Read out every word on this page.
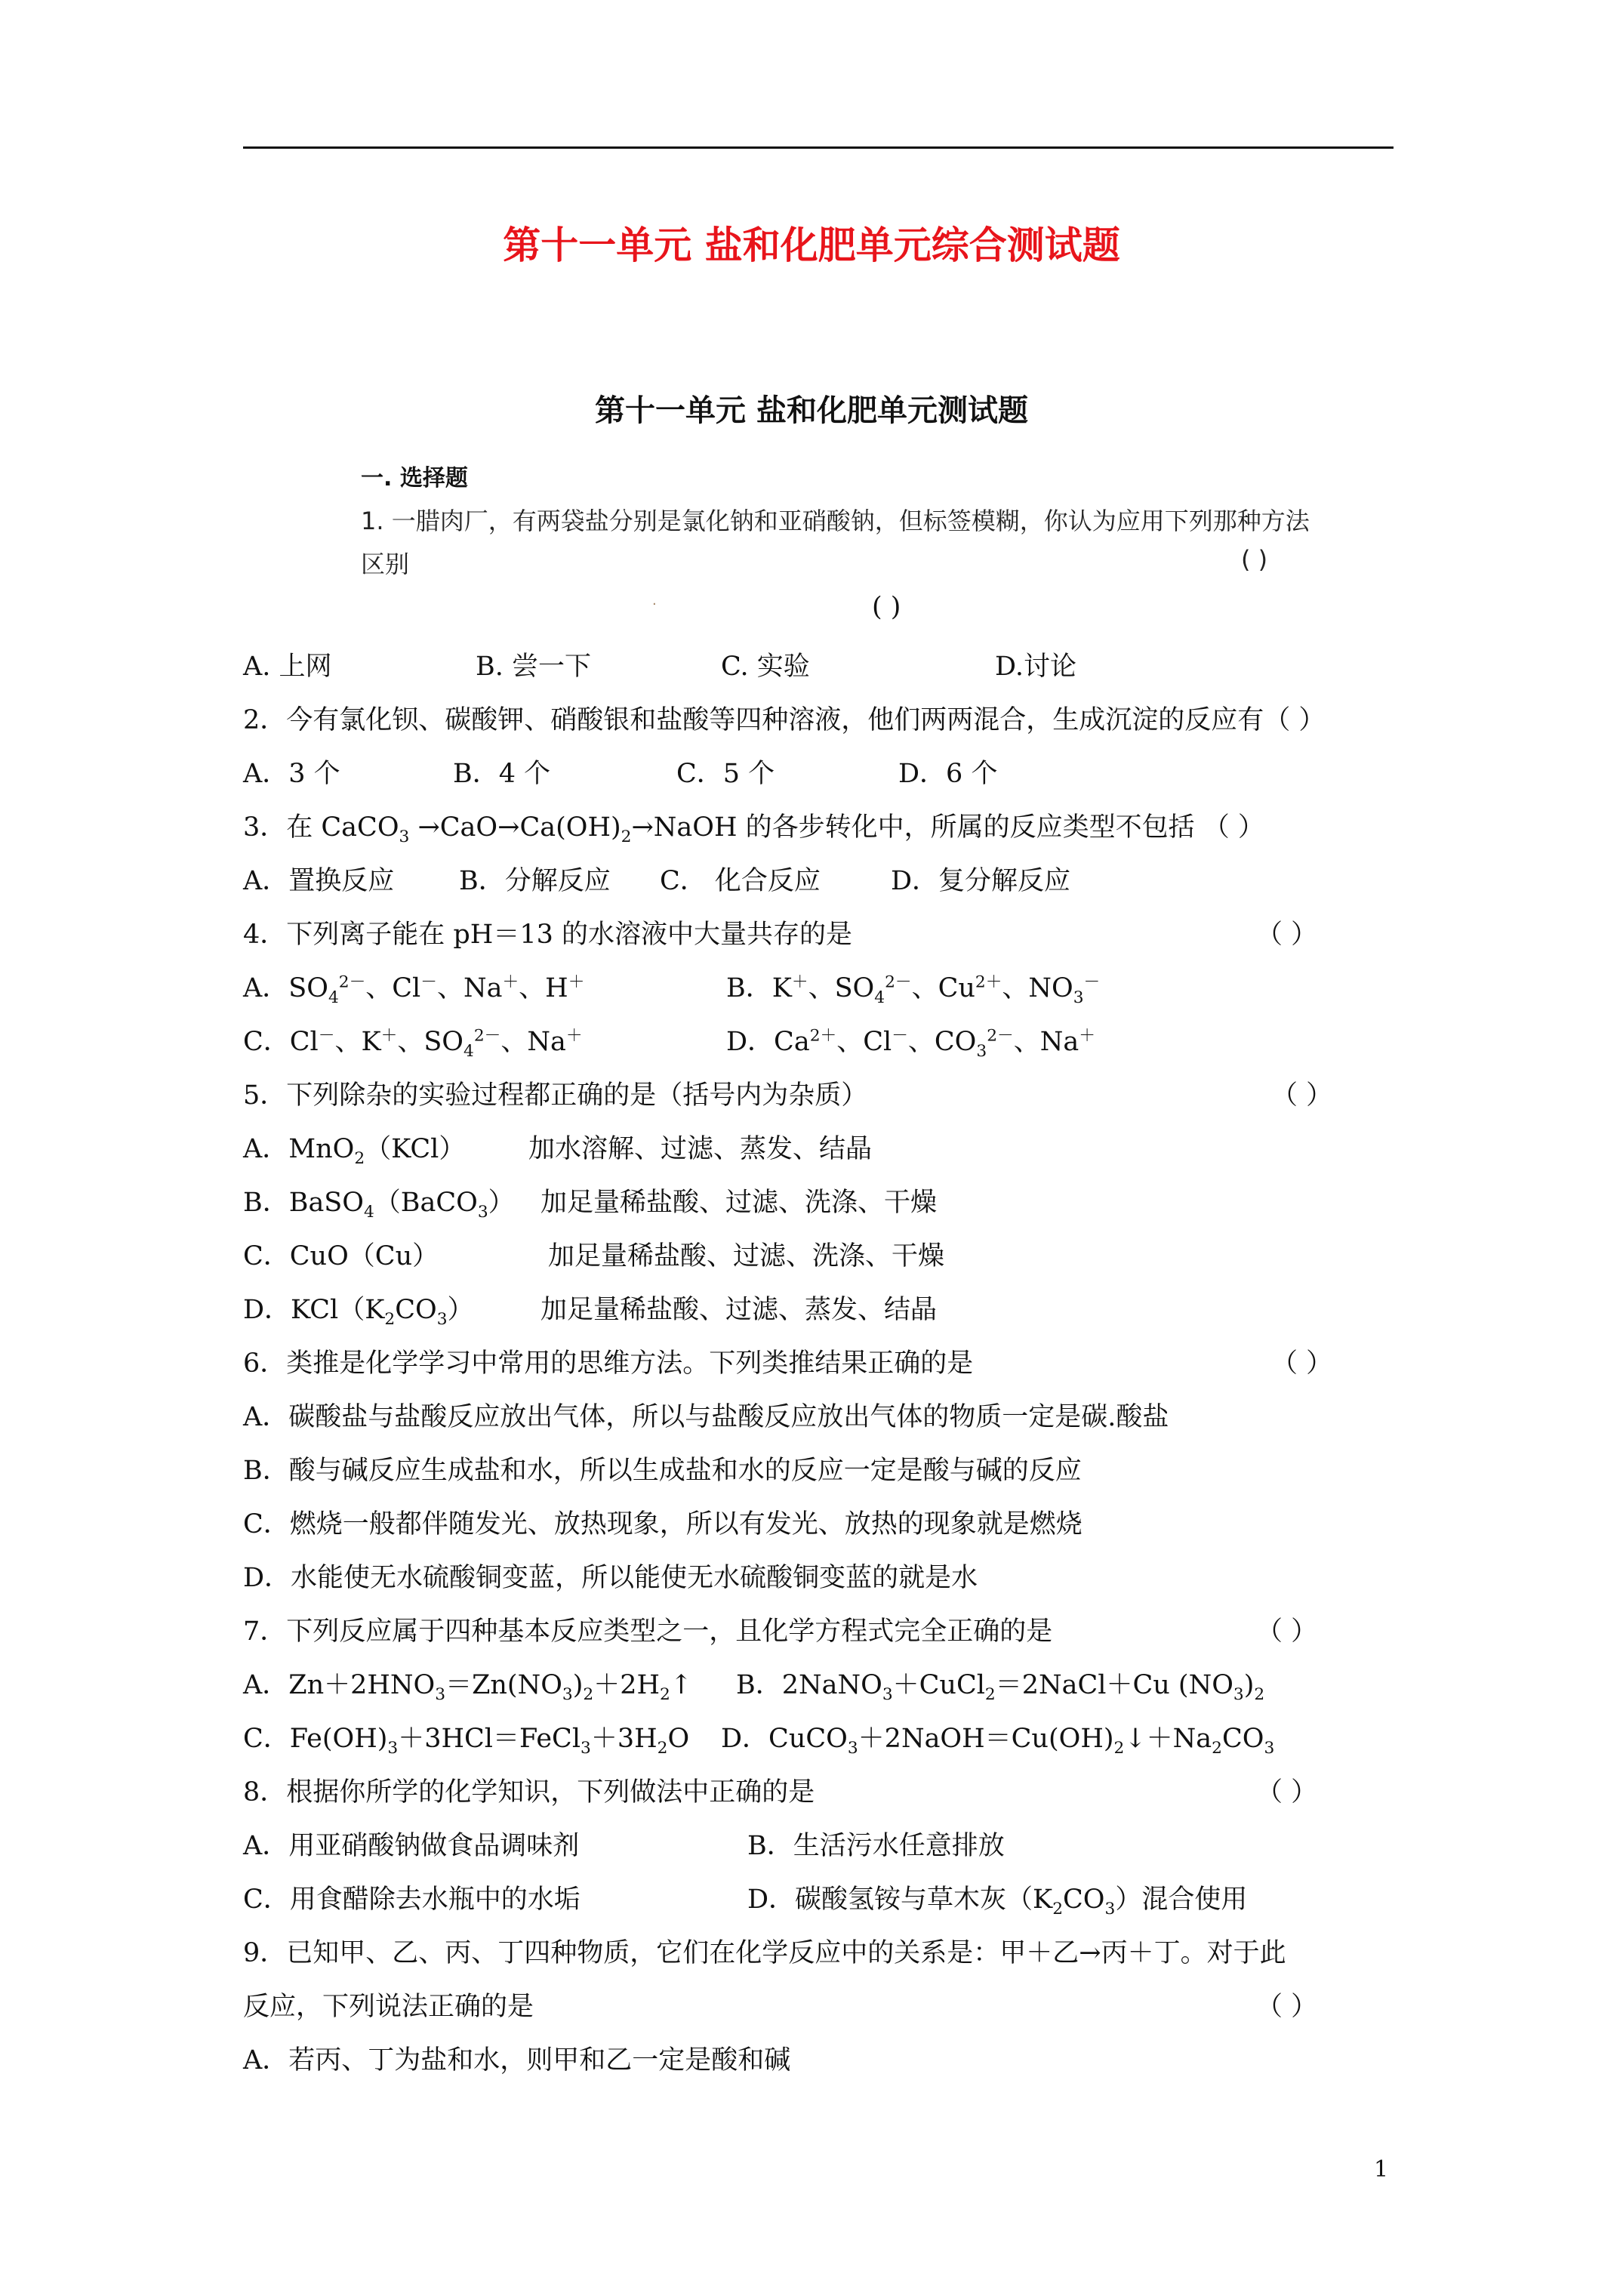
第十一单元 盐和化肥单元综合测试题
第十一单元 盐和化肥单元测试题
一. 选择题
1. 一腊肉厂，有两袋盐分别是氯化钠和亚硝酸钠，但标签模糊，你认为应用下列那种方法
区别	( )
·	( )
A. 上网	B. 尝一下	C. 实验	D.讨论
2．今有氯化钡、碳酸钾、硝酸银和盐酸等四种溶液，他们两两混合，生成沉淀的反应有（ ）
A．3 个	B．4 个	C．5 个	D．6 个
3．在 CaCO$_3$ $\to CaO\to Ca(OH)_2\to NaOH$ 的各步转化中，所属的反应类型不包括 （ ）
A．置换反应 B．分解反应 C． 化合反应	D．复分解反应
4．下列离子能在 pH＝13 的水溶液中大量共存的是	（ ）
A．$SO_4^{2-}$、Cl－、Na＋、H＋	B．K＋、$SO_4^{2-}$、$Cu^{2+}$、$NO_3^-$
C．Cl－、K＋、$SO_4^{2-}$、Na＋	D．$Ca^{2+}$、Cl－、$CO_3^{2-}$、Na＋
5．下列除杂的实验过程都正确的是（括号内为杂质）	（ ）
A．MnO$_2$（KCl） 加水溶解、过滤、蒸发、结晶
B．BaSO$_4$（BaCO$_3$） 加足量稀盐酸、过滤、洗涤、干燥
C．CuO（Cu）	加足量稀盐酸、过滤、洗涤、干燥
D．$KCl(K_2CO_3)$	加足量稀盐酸、过滤、蒸发、结晶
6．类推是化学学习中常用的思维方法。下列类推结果正确的是	（ ）
A．碳酸盐与盐酸反应放出气体，所以与盐酸反应放出气体的物质一定是碳.酸盐
B．酸与碱反应生成盐和水，所以生成盐和水的反应一定是酸与碱的反应
C．燃烧一般都伴随发光、放热现象，所以有发光、放热的现象就是燃烧
D．水能使无水硫酸铜变蓝，所以能使无水硫酸铜变蓝的就是水
7．下列反应属于四种基本反应类型之一，且化学方程式完全正确的是	（ ）
A．$Zn+2HNO_3=Zn(NO_3)_2+2H_2↑$ B．2NaNO$_3$＋CuCl$_2$＝2NaCl＋Cu $(NO_3)_2$
C．$Fe(OH)_3+3HCl=FeCl_3+3H_2O$ D．$CuCO_3+2NaOH=Cu(OH)_2↓+Na_2CO_3$
8．根据你所学的化学知识，下列做法中正确的是	（ ）
A．用亚硝酸钠做食品调味剂	B．生活污水任意排放
C．用食醋除去水瓶中的水垢	D．碳酸氢铵与草木灰$(K_2CO_3)$混合使用
9．已知甲、乙、丙、丁四种物质，它们在化学反应中的关系是：甲＋乙→丙＋丁。对于此
反应，下列说法正确的是	（ ）
A．若丙、丁为盐和水，则甲和乙一定是酸和碱
1
